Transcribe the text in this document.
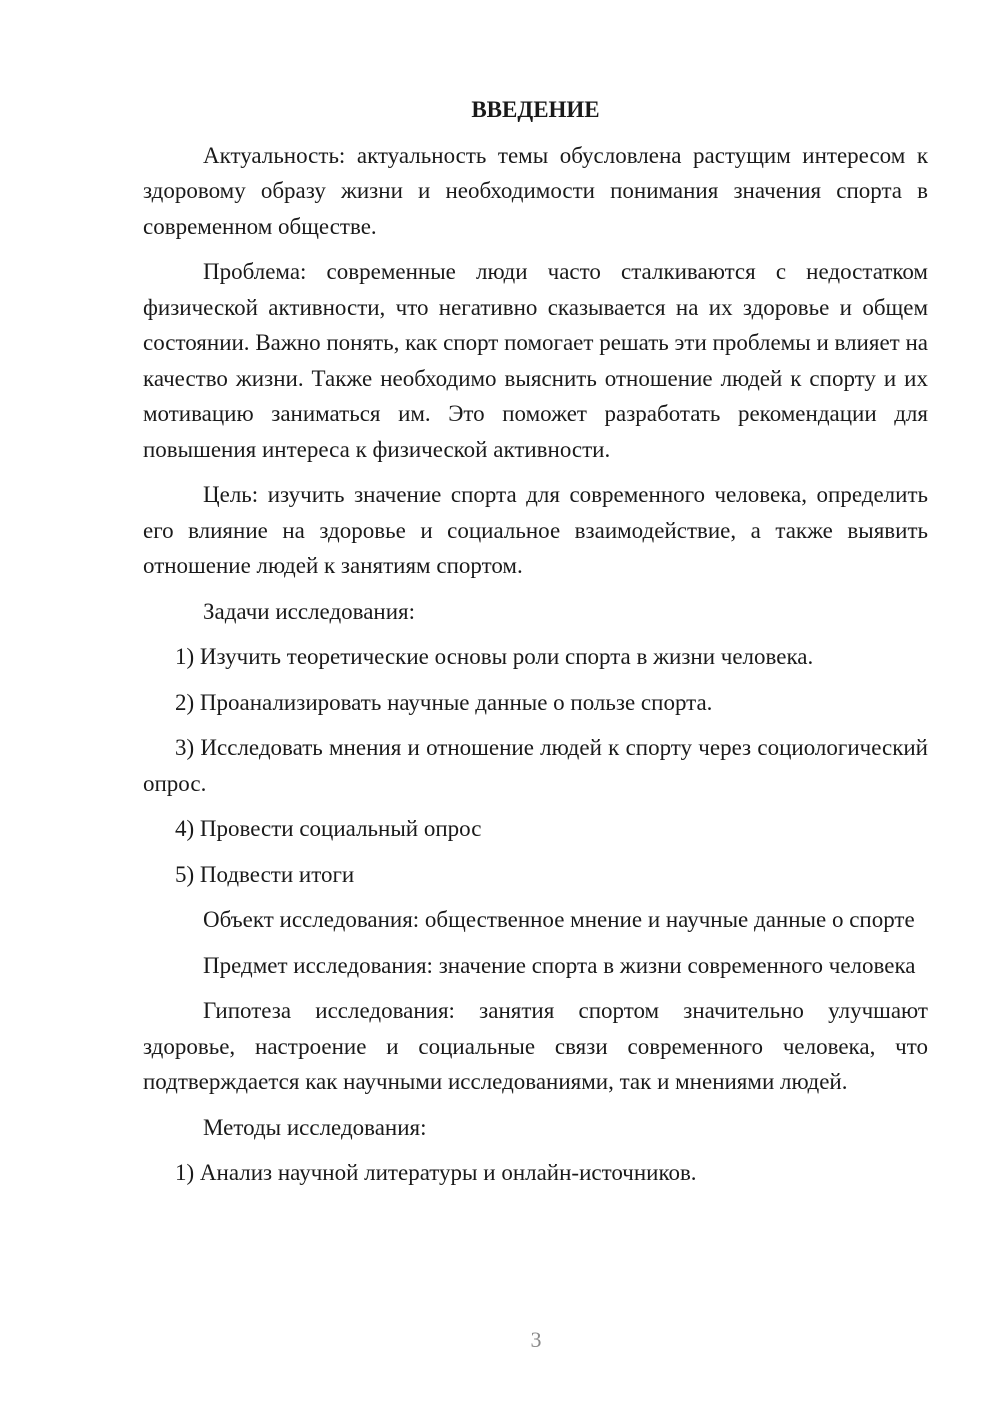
ВВЕДЕНИЕ

Актуальность: актуальность темы обусловлена растущим интересом к здоровому образу жизни и необходимости понимания значения спорта в современном обществе.

Проблема: современные люди часто сталкиваются с недостатком физической активности, что негативно сказывается на их здоровье и общем состоянии. Важно понять, как спорт помогает решать эти проблемы и влияет на качество жизни. Также необходимо выяснить отношение людей к спорту и их мотивацию заниматься им. Это поможет разработать рекомендации для повышения интереса к физической активности.

Цель: изучить значение спорта для современного человека, определить его влияние на здоровье и социальное взаимодействие, а также выявить отношение людей к занятиям спортом.

Задачи исследования:

1) Изучить теоретические основы роли спорта в жизни человека.

2) Проанализировать научные данные о пользе спорта.

3) Исследовать мнения и отношение людей к спорту через социологический опрос.

4) Провести социальный опрос

5) Подвести итоги

Объект исследования: общественное мнение и научные данные о спорте

Предмет исследования: значение спорта в жизни современного человека

Гипотеза исследования: занятия спортом значительно улучшают здоровье, настроение и социальные связи современного человека, что подтверждается как научными исследованиями, так и мнениями людей.

Методы исследования:

1) Анализ научной литературы и онлайн-источников.

3
